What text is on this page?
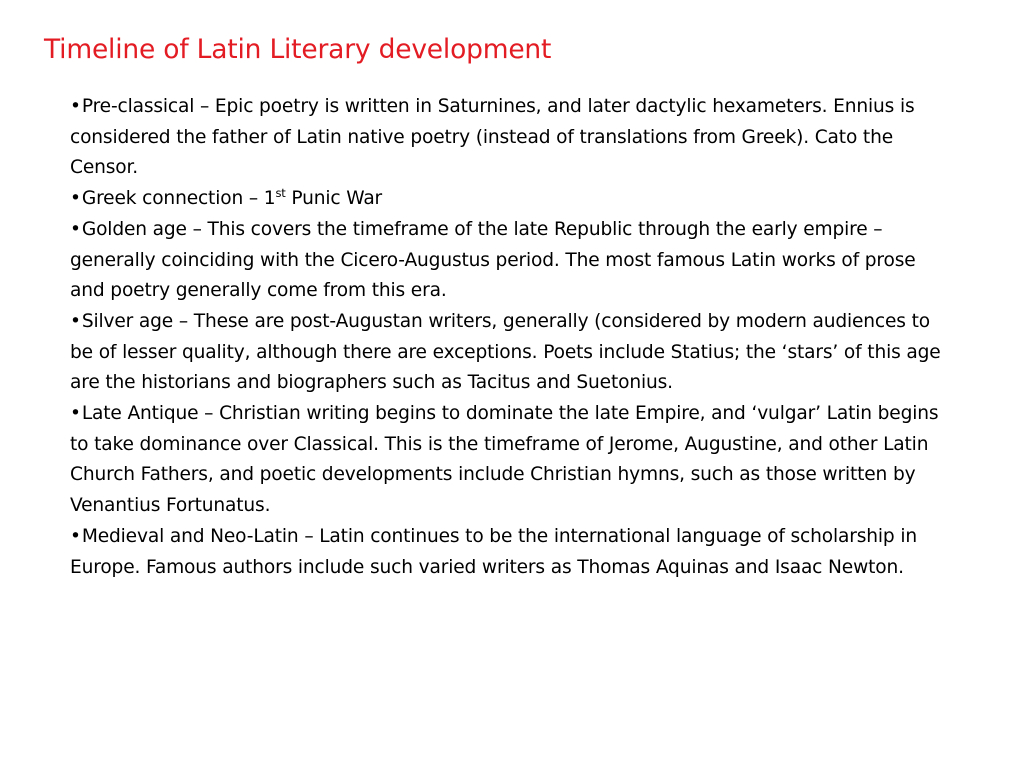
Timeline of Latin Literary development

•Pre-classical – Epic poetry is written in Saturnines, and later dactylic hexameters. Ennius is considered the father of Latin native poetry (instead of translations from Greek). Cato the Censor.

•Greek connection – 1st Punic War

•Golden age – This covers the timeframe of the late Republic through the early empire – generally coinciding with the Cicero-Augustus period. The most famous Latin works of prose and poetry generally come from this era.

•Silver age – These are post-Augustan writers, generally (considered by modern audiences to be of lesser quality, although there are exceptions. Poets include Statius; the ‘stars’ of this age are the historians and biographers such as Tacitus and Suetonius.

•Late Antique – Christian writing begins to dominate the late Empire, and ‘vulgar’ Latin begins to take dominance over Classical. This is the timeframe of Jerome, Augustine, and other Latin Church Fathers, and poetic developments include Christian hymns, such as those written by Venantius Fortunatus.

•Medieval and Neo-Latin – Latin continues to be the international language of scholarship in Europe. Famous authors include such varied writers as Thomas Aquinas and Isaac Newton.
